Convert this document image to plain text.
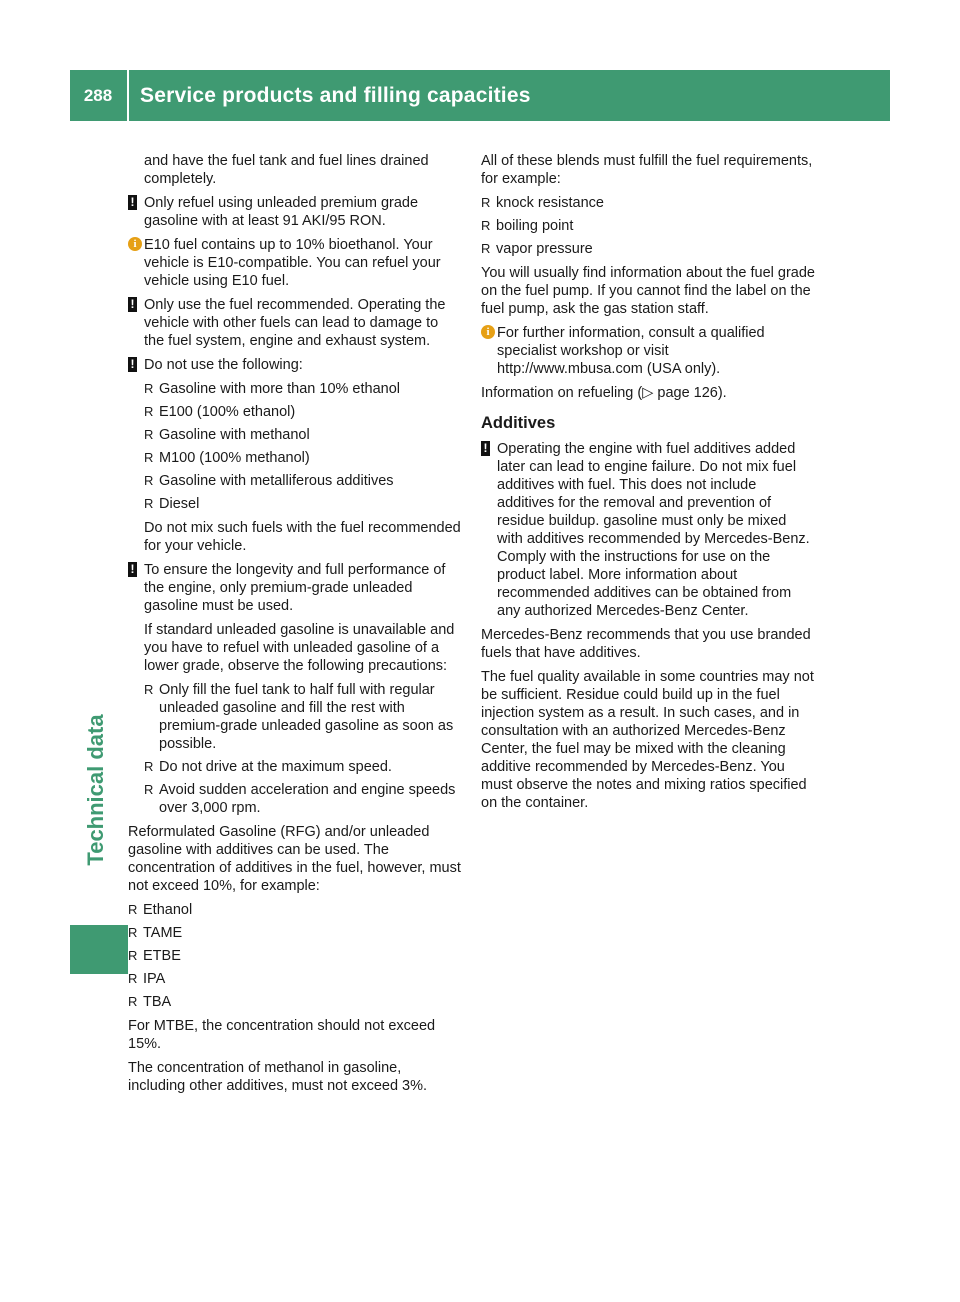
288	Service products and filling capacities
Technical data

and have the fuel tank and fuel lines drained completely.

! Only refuel using unleaded premium grade gasoline with at least 91 AKI/95 RON.

i E10 fuel contains up to 10% bioethanol. Your vehicle is E10-compatible. You can refuel your vehicle using E10 fuel.

! Only use the fuel recommended. Operating the vehicle with other fuels can lead to damage to the fuel system, engine and exhaust system.

! Do not use the following:

R Gasoline with more than 10% ethanol
R E100 (100% ethanol)
R Gasoline with methanol
R M100 (100% methanol)
R Gasoline with metalliferous additives
R Diesel

Do not mix such fuels with the fuel recommended for your vehicle.

! To ensure the longevity and full performance of the engine, only premium-grade unleaded gasoline must be used.

If standard unleaded gasoline is unavailable and you have to refuel with unleaded gasoline of a lower grade, observe the following precautions:

R Only fill the fuel tank to half full with regular unleaded gasoline and fill the rest with premium-grade unleaded gasoline as soon as possible.
R Do not drive at the maximum speed.
R Avoid sudden acceleration and engine speeds over 3,000 rpm.

Reformulated Gasoline (RFG) and/or unleaded gasoline with additives can be used. The concentration of additives in the fuel, however, must not exceed 10%, for example:

R Ethanol
R TAME
R ETBE
R IPA
R TBA

For MTBE, the concentration should not exceed 15%.

The concentration of methanol in gasoline, including other additives, must not exceed 3%.

All of these blends must fulfill the fuel requirements, for example:

R knock resistance
R boiling point
R vapor pressure

You will usually find information about the fuel grade on the fuel pump. If you cannot find the label on the fuel pump, ask the gas station staff.

i For further information, consult a qualified specialist workshop or visit http://www.mbusa.com (USA only).

Information on refueling (▷ page 126).

Additives
! Operating the engine with fuel additives added later can lead to engine failure. Do not mix fuel additives with fuel. This does not include additives for the removal and prevention of residue buildup. gasoline must only be mixed with additives recommended by Mercedes-Benz. Comply with the instructions for use on the product label. More information about recommended additives can be obtained from any authorized Mercedes-Benz Center.

Mercedes-Benz recommends that you use branded fuels that have additives.

The fuel quality available in some countries may not be sufficient. Residue could build up in the fuel injection system as a result. In such cases, and in consultation with an authorized Mercedes-Benz Center, the fuel may be mixed with the cleaning additive recommended by Mercedes-Benz. You must observe the notes and mixing ratios specified on the container.
